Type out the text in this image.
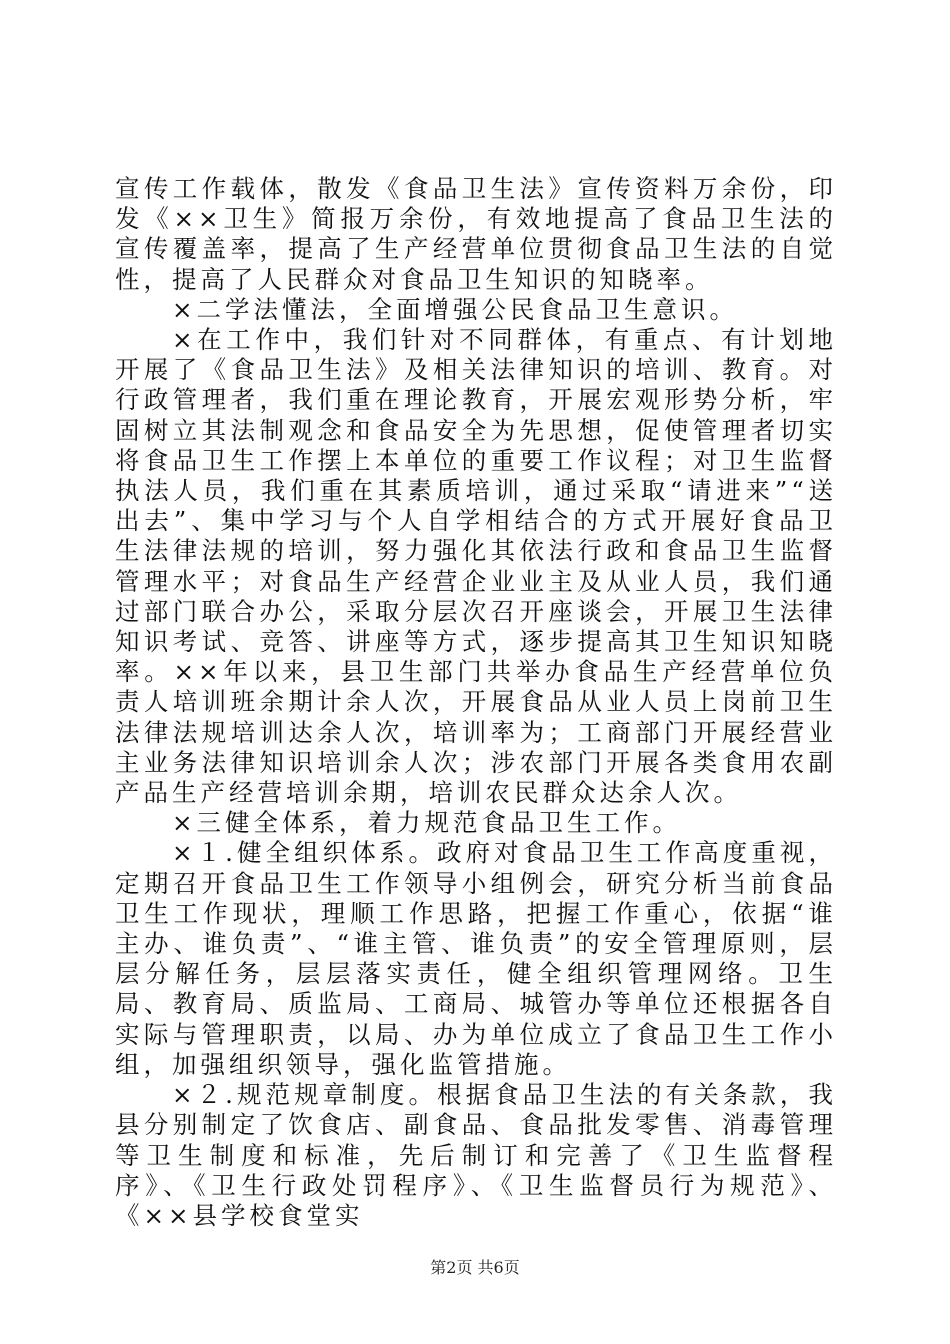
宣传工作载体，散发《食品卫生法》宣传资料万余份，印发《××卫生》简报万余份，有效地提高了食品卫生法的宣传覆盖率，提高了生产经营单位贯彻食品卫生法的自觉性，提高了人民群众对食品卫生知识的知晓率。

×二学法懂法，全面增强公民食品卫生意识。

×在工作中，我们针对不同群体，有重点、有计划地开展了《食品卫生法》及相关法律知识的培训、教育。对行政管理者，我们重在理论教育，开展宏观形势分析，牢固树立其法制观念和食品安全为先思想，促使管理者切实将食品卫生工作摆上本单位的重要工作议程；对卫生监督执法人员，我们重在其素质培训，通过采取“请进来”“送出去”、集中学习与个人自学相结合的方式开展好食品卫生法律法规的培训，努力强化其依法行政和食品卫生监督管理水平；对食品生产经营企业业主及从业人员，我们通过部门联合办公，采取分层次召开座谈会，开展卫生法律知识考试、竞答、讲座等方式，逐步提高其卫生知识知晓率。××年以来，县卫生部门共举办食品生产经营单位负责人培训班余期计余人次，开展食品从业人员上岗前卫生法律法规培训达余人次，培训率为；工商部门开展经营业主业务法律知识培训余人次；涉农部门开展各类食用农副产品生产经营培训余期，培训农民群众达余人次。

×三健全体系，着力规范食品卫生工作。

×１.健全组织体系。政府对食品卫生工作高度重视，定期召开食品卫生工作领导小组例会，研究分析当前食品卫生工作现状，理顺工作思路，把握工作重心，依据“谁主办、谁负责”、“谁主管、谁负责”的安全管理原则，层层分解任务，层层落实责任，健全组织管理网络。卫生局、教育局、质监局、工商局、城管办等单位还根据各自实际与管理职责，以局、办为单位成立了食品卫生工作小组，加强组织领导，强化监管措施。

×２.规范规章制度。根据食品卫生法的有关条款，我县分别制定了饮食店、副食品、食品批发零售、消毒管理等卫生制度和标准，先后制订和完善了《卫生监督程序》、《卫生行政处罚程序》、《卫生监督员行为规范》、《××县学校食堂实

第2页 共6页
